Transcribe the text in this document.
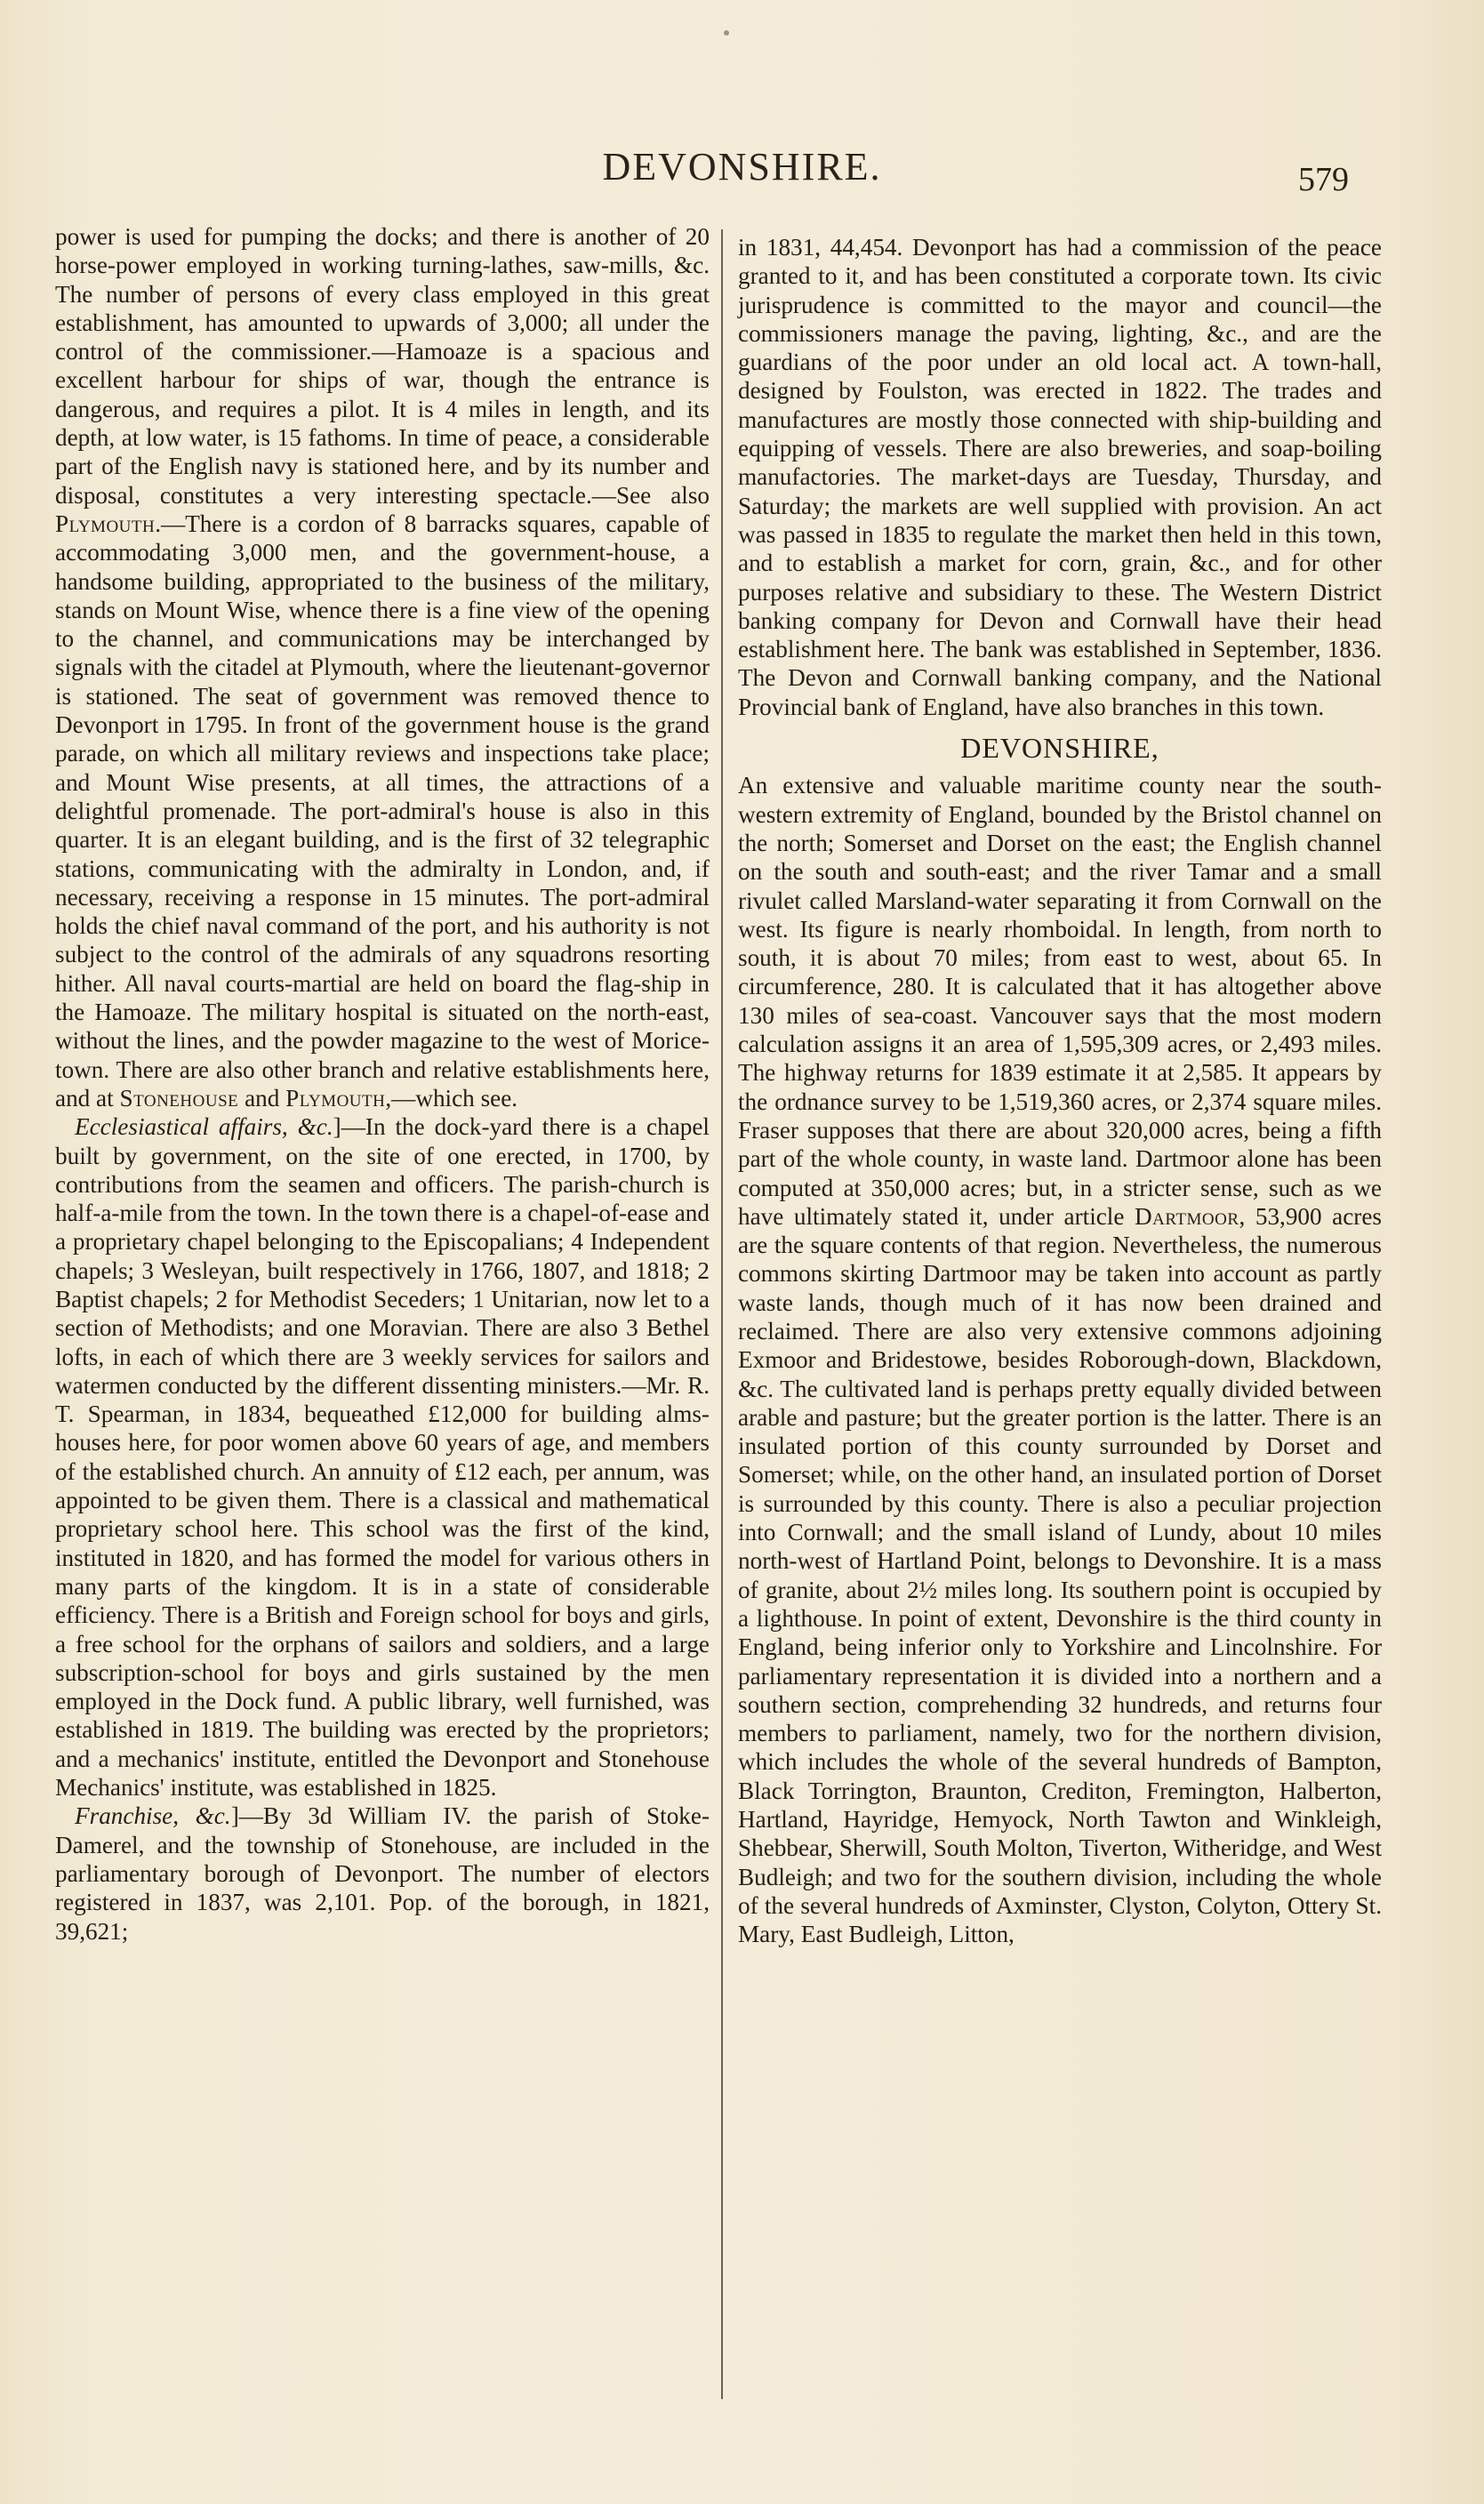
DEVONSHIRE.	579

power is used for pumping the docks; and there is another of 20 horse-power employed in working turning-lathes, saw-mills, &c. The number of persons of every class employed in this great establishment, has amounted to upwards of 3,000; all under the control of the commissioner.—Hamoaze is a spacious and excellent harbour for ships of war, though the entrance is dangerous, and requires a pilot. It is 4 miles in length, and its depth, at low water, is 15 fathoms. In time of peace, a considerable part of the English navy is stationed here, and by its number and disposal, constitutes a very interesting spectacle.—See also Plymouth.—There is a cordon of 8 barracks squares, capable of accommodating 3,000 men, and the government-house, a handsome building, appropriated to the business of the military, stands on Mount Wise, whence there is a fine view of the opening to the channel, and communications may be interchanged by signals with the citadel at Plymouth, where the lieutenant-governor is stationed. The seat of government was removed thence to Devonport in 1795. In front of the government house is the grand parade, on which all military reviews and inspections take place; and Mount Wise presents, at all times, the attractions of a delightful promenade. The port-admiral's house is also in this quarter. It is an elegant building, and is the first of 32 telegraphic stations, communicating with the admiralty in London, and, if necessary, receiving a response in 15 minutes. The port-admiral holds the chief naval command of the port, and his authority is not subject to the control of the admirals of any squadrons resorting hither. All naval courts-martial are held on board the flag-ship in the Hamoaze. The military hospital is situated on the north-east, without the lines, and the powder magazine to the west of Morice-town. There are also other branch and relative establishments here, and at Stonehouse and Plymouth,—which see.

Ecclesiastical affairs, &c.]—In the dock-yard there is a chapel built by government, on the site of one erected, in 1700, by contributions from the seamen and officers. The parish-church is half-a-mile from the town. In the town there is a chapel-of-ease and a proprietary chapel belonging to the Episcopalians; 4 Independent chapels; 3 Wesleyan, built respectively in 1766, 1807, and 1818; 2 Baptist chapels; 2 for Methodist Seceders; 1 Unitarian, now let to a section of Methodists; and one Moravian. There are also 3 Bethel lofts, in each of which there are 3 weekly services for sailors and watermen conducted by the different dissenting ministers.—Mr. R. T. Spearman, in 1834, bequeathed £12,000 for building alms-houses here, for poor women above 60 years of age, and members of the established church. An annuity of £12 each, per annum, was appointed to be given them. There is a classical and mathematical proprietary school here. This school was the first of the kind, instituted in 1820, and has formed the model for various others in many parts of the kingdom. It is in a state of considerable efficiency. There is a British and Foreign school for boys and girls, a free school for the orphans of sailors and soldiers, and a large subscription-school for boys and girls sustained by the men employed in the Dock fund. A public library, well furnished, was established in 1819. The building was erected by the proprietors; and a mechanics' institute, entitled the Devonport and Stonehouse Mechanics' institute, was established in 1825.

Franchise, &c.]—By 3d William IV. the parish of Stoke-Damerel, and the township of Stonehouse, are included in the parliamentary borough of Devonport. The number of electors registered in 1837, was 2,101. Pop. of the borough, in 1821, 39,621;

in 1831, 44,454. Devonport has had a commission of the peace granted to it, and has been constituted a corporate town. Its civic jurisprudence is committed to the mayor and council—the commissioners manage the paving, lighting, &c., and are the guardians of the poor under an old local act. A town-hall, designed by Foulston, was erected in 1822. The trades and manufactures are mostly those connected with ship-building and equipping of vessels. There are also breweries, and soap-boiling manufactories. The market-days are Tuesday, Thursday, and Saturday; the markets are well supplied with provision. An act was passed in 1835 to regulate the market then held in this town, and to establish a market for corn, grain, &c., and for other purposes relative and subsidiary to these. The Western District banking company for Devon and Cornwall have their head establishment here. The bank was established in September, 1836. The Devon and Cornwall banking company, and the National Provincial bank of England, have also branches in this town.

DEVONSHIRE,

An extensive and valuable maritime county near the south-western extremity of England, bounded by the Bristol channel on the north; Somerset and Dorset on the east; the English channel on the south and south-east; and the river Tamar and a small rivulet called Marsland-water separating it from Cornwall on the west. Its figure is nearly rhomboidal. In length, from north to south, it is about 70 miles; from east to west, about 65. In circumference, 280. It is calculated that it has altogether above 130 miles of sea-coast. Vancouver says that the most modern calculation assigns it an area of 1,595,309 acres, or 2,493 miles. The highway returns for 1839 estimate it at 2,585. It appears by the ordnance survey to be 1,519,360 acres, or 2,374 square miles. Fraser supposes that there are about 320,000 acres, being a fifth part of the whole county, in waste land. Dartmoor alone has been computed at 350,000 acres; but, in a stricter sense, such as we have ultimately stated it, under article Dartmoor, 53,900 acres are the square contents of that region. Nevertheless, the numerous commons skirting Dartmoor may be taken into account as partly waste lands, though much of it has now been drained and reclaimed. There are also very extensive commons adjoining Exmoor and Bridestowe, besides Roborough-down, Blackdown, &c. The cultivated land is perhaps pretty equally divided between arable and pasture; but the greater portion is the latter. There is an insulated portion of this county surrounded by Dorset and Somerset; while, on the other hand, an insulated portion of Dorset is surrounded by this county. There is also a peculiar projection into Cornwall; and the small island of Lundy, about 10 miles north-west of Hartland Point, belongs to Devonshire. It is a mass of granite, about 2½ miles long. Its southern point is occupied by a lighthouse. In point of extent, Devonshire is the third county in England, being inferior only to Yorkshire and Lincolnshire. For parliamentary representation it is divided into a northern and a southern section, comprehending 32 hundreds, and returns four members to parliament, namely, two for the northern division, which includes the whole of the several hundreds of Bampton, Black Torrington, Braunton, Crediton, Fremington, Halberton, Hartland, Hayridge, Hemyock, North Tawton and Winkleigh, Shebbear, Sherwill, South Molton, Tiverton, Witheridge, and West Budleigh; and two for the southern division, including the whole of the several hundreds of Axminster, Clyston, Colyton, Ottery St. Mary, East Budleigh, Litton,
